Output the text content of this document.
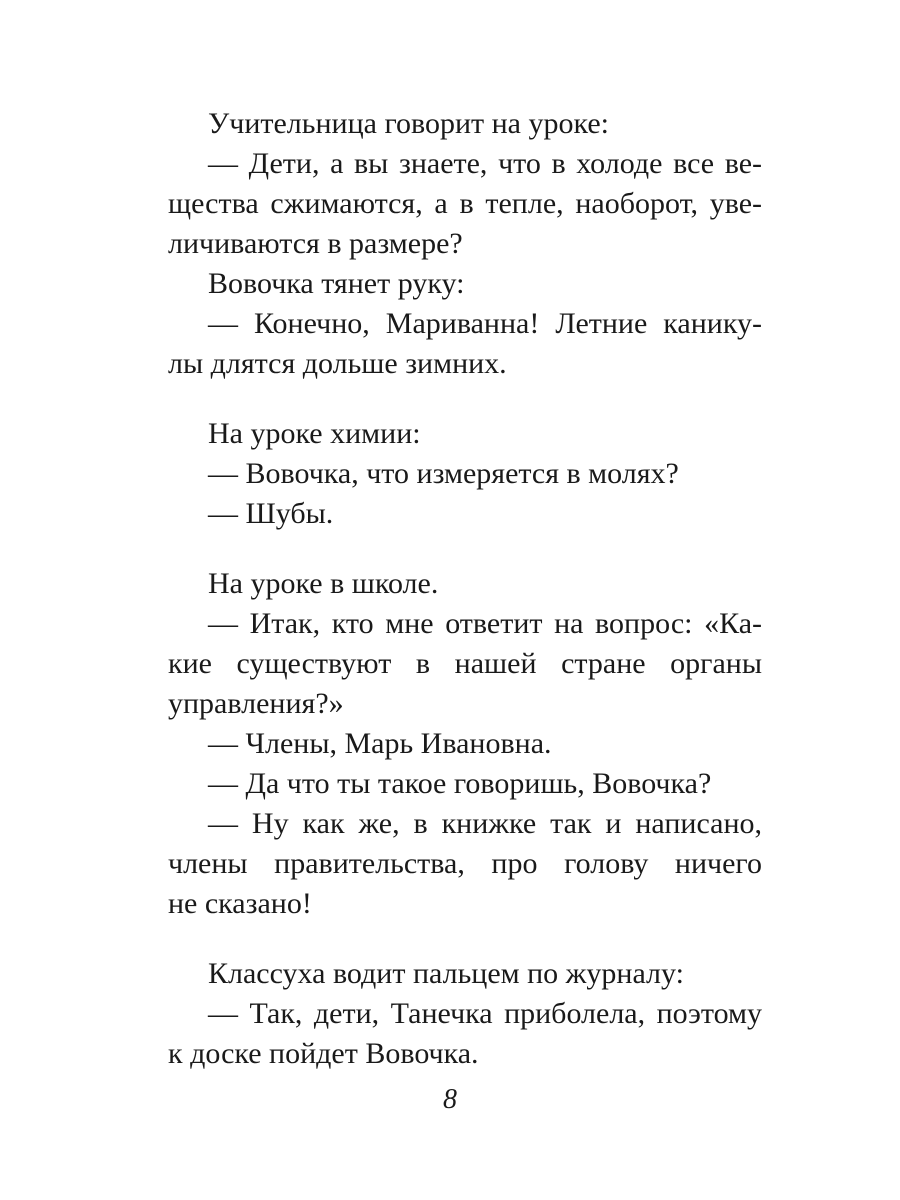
Учительница говорит на уроке:
— Дети, а вы знаете, что в холоде все ве-
щества сжимаются, а в тепле, наоборот, уве-
личиваются в размере?
Вовочка тянет руку:
— Конечно, Мариванна! Летние канику-
лы длятся дольше зимних.
На уроке химии:
— Вовочка, что измеряется в молях?
— Шубы.
На уроке в школе.
— Итак, кто мне ответит на вопрос: «Ка-
кие существуют в нашей стране органы
управления?»
— Члены, Марь Ивановна.
— Да что ты такое говоришь, Вовочка?
— Ну как же, в книжке так и написано,
члены правительства, про голову ничего
не сказано!
Классуха водит пальцем по журналу:
— Так, дети, Танечка приболела, поэтому
к доске пойдет Вовочка.
8
